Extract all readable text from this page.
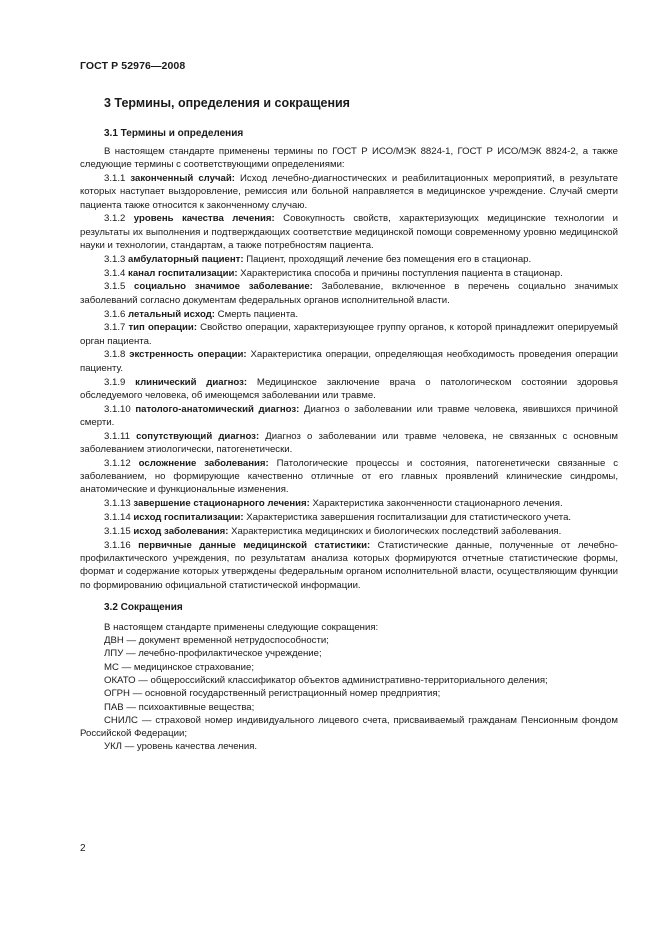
ГОСТ Р 52976—2008
3 Термины, определения и сокращения
3.1 Термины и определения

В настоящем стандарте применены термины по ГОСТ Р ИСО/МЭК 8824-1, ГОСТ Р ИСО/МЭК 8824-2, а также следующие термины с соответствующими определениями:

3.1.1 законченный случай: Исход лечебно-диагностических и реабилитационных мероприятий, в результате которых наступает выздоровление, ремиссия или больной направляется в медицинское учреждение. Случай смерти пациента также относится к законченному случаю.

3.1.2 уровень качества лечения: Совокупность свойств, характеризующих медицинские технологии и результаты их выполнения и подтверждающих соответствие медицинской помощи современному уровню медицинской науки и технологии, стандартам, а также потребностям пациента.

3.1.3 амбулаторный пациент: Пациент, проходящий лечение без помещения его в стационар.

3.1.4 канал госпитализации: Характеристика способа и причины поступления пациента в стационар.

3.1.5 социально значимое заболевание: Заболевание, включенное в перечень социально значимых заболеваний согласно документам федеральных органов исполнительной власти.

3.1.6 летальный исход: Смерть пациента.

3.1.7 тип операции: Свойство операции, характеризующее группу органов, к которой принадлежит оперируемый орган пациента.

3.1.8 экстренность операции: Характеристика операции, определяющая необходимость проведения операции пациенту.

3.1.9 клинический диагноз: Медицинское заключение врача о патологическом состоянии здоровья обследуемого человека, об имеющемся заболевании или травме.

3.1.10 патолого-анатомический диагноз: Диагноз о заболевании или травме человека, явившихся причиной смерти.

3.1.11 сопутствующий диагноз: Диагноз о заболевании или травме человека, не связанных с основным заболеванием этиологически, патогенетически.

3.1.12 осложнение заболевания: Патологические процессы и состояния, патогенетически связанные с заболеванием, но формирующие качественно отличные от его главных проявлений клинические синдромы, анатомические и функциональные изменения.

3.1.13 завершение стационарного лечения: Характеристика законченности стационарного лечения.

3.1.14 исход госпитализации: Характеристика завершения госпитализации для статистического учета.

3.1.15 исход заболевания: Характеристика медицинских и биологических последствий заболевания.

3.1.16 первичные данные медицинской статистики: Статистические данные, полученные от лечебно-профилактического учреждения, по результатам анализа которых формируются отчетные статистические формы, формат и содержание которых утверждены федеральным органом исполнительной власти, осуществляющим функции по формированию официальной статистической информации.

3.2 Сокращения

В настоящем стандарте применены следующие сокращения:

ДВН — документ временной нетрудоспособности;

ЛПУ — лечебно-профилактическое учреждение;

МС — медицинское страхование;

ОКАТО — общероссийский классификатор объектов административно-территориального деления;

ОГРН — основной государственный регистрационный номер предприятия;

ПАВ — психоактивные вещества;

СНИЛС — страховой номер индивидуального лицевого счета, присваиваемый гражданам Пенсионным фондом Российской Федерации;

УКЛ — уровень качества лечения.

2
